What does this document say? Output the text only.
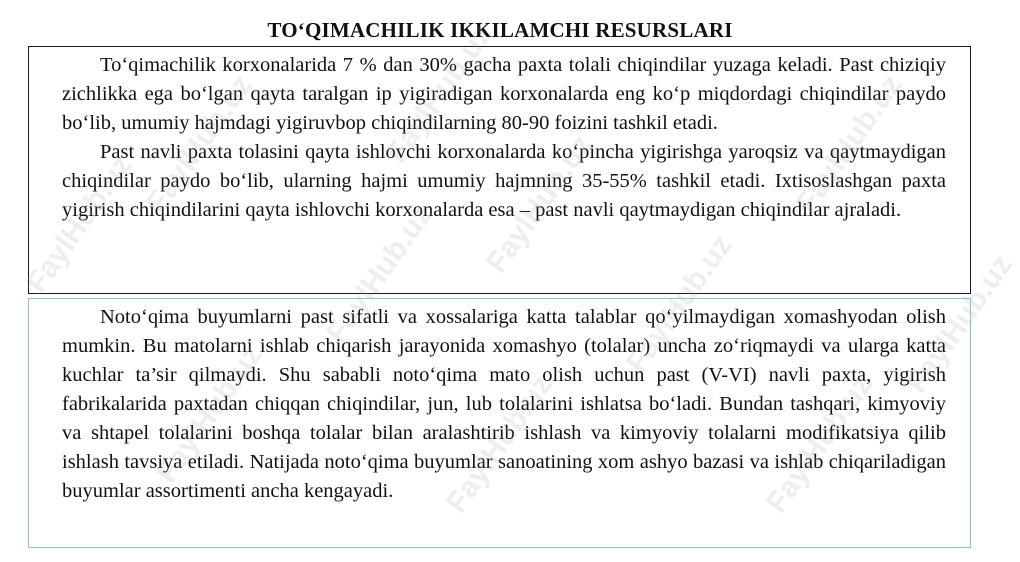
TO‘QIMACHILIK IKKILAMCHI RESURSLARI

To‘qimachilik korxonalarida 7 % dan 30% gacha paxta tolali chiqindilar yuzaga keladi. Past chiziqiy zichlikka ega bo‘lgan qayta taralgan ip yigiradigan korxonalarda eng ko‘p miqdordagi chiqindilar paydo bo‘lib, umumiy hajmdagi yigiruvbop chiqindilarning 80-90 foizini tashkil etadi.

Past navli paxta tolasini qayta ishlovchi korxonalarda ko‘pincha yigirishga yaroqsiz va qaytmaydigan chiqindilar paydo bo‘lib, ularning hajmi umumiy hajmning 35-55% tashkil etadi. Ixtisoslashgan paxta yigirish chiqindilarini qayta ishlovchi korxonalarda esa – past navli qaytmaydigan chiqindilar ajraladi.

Noto‘qima buyumlarni past sifatli va xossalariga katta talablar qo‘yilmaydigan xomashyodan olish mumkin. Bu matolarni ishlab chiqarish jarayonida xomashyo (tolalar) uncha zo‘riqmaydi va ularga katta kuchlar ta’sir qilmaydi. Shu sababli noto‘qima mato olish uchun past (V-VI) navli paxta, yigirish fabrikalarida paxtadan chiqqan chiqindilar, jun, lub tolalarini ishlatsa bo‘ladi. Bundan tashqari, kimyoviy va shtapel tolalarini boshqa tolalar bilan aralashtirib ishlash va kimyoviy tolalarni modifikatsiya qilib ishlash tavsiya etiladi. Natijada noto‘qima buyumlar sanoatining xom ashyo bazasi va ishlab chiqariladigan buyumlar assortimenti ancha kengayadi.

FaylHub.uz
FaylHub.uz
FaylHub.uz
FaylHub.uz
FaylHub.uz
FaylHub.uz
FaylHub.uz
FaylHub.uz
FaylHub.uz
FaylHub.uz
FaylHub.uz
